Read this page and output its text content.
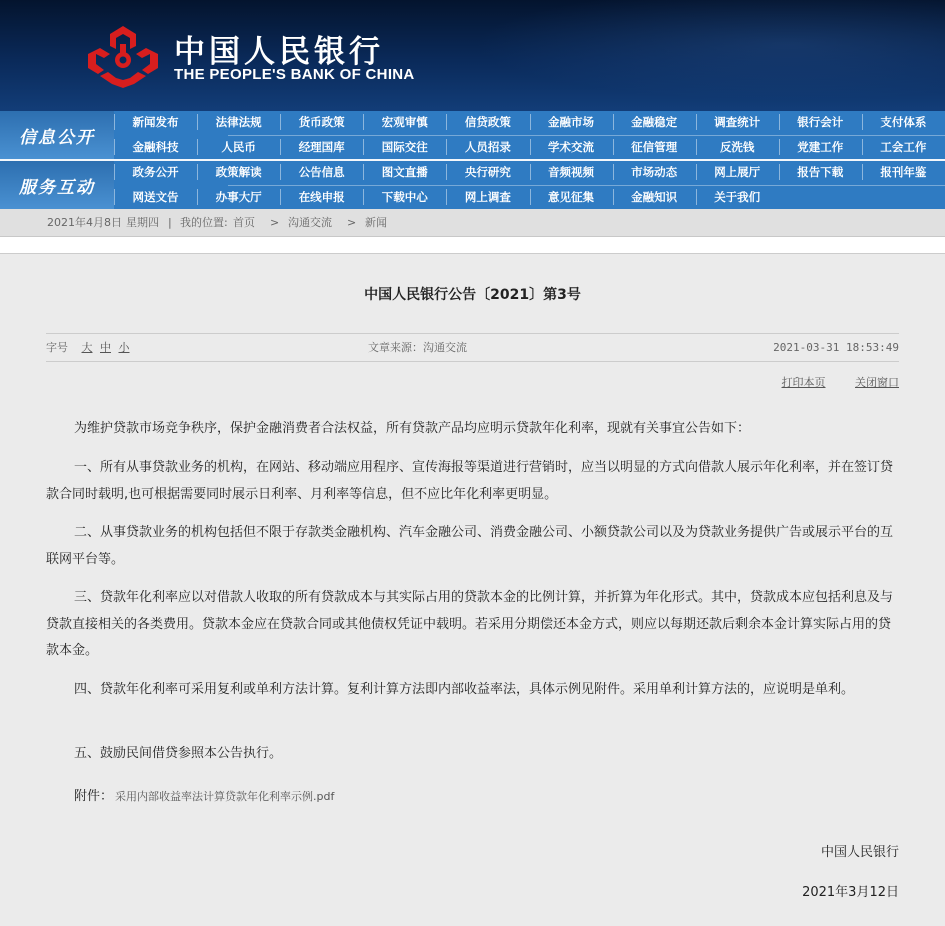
中国人民银行
THE PEOPLE'S BANK OF CHINA
信息公开
新闻发布	法律法规	货币政策	宏观审慎	信贷政策	金融市场	金融稳定	调查统计	银行会计	支付体系
金融科技	人民币	经理国库	国际交往	人员招录	学术交流	征信管理	反洗钱	党建工作	工会工作
服务互动
政务公开	政策解读	公告信息	图文直播	央行研究	音频视频	市场动态	网上展厅	报告下载	报刊年鉴
网送文告	办事大厅	在线申报	下载中心	网上调查	意见征集	金融知识	关于我们
2021年4月8日 星期四 | 我的位置: 首页 > 沟通交流 > 新闻
中国人民银行公告〔2021〕第3号
字号 大 中 小	文章来源：沟通交流	2021-03-31 18:53:49
打印本页	关闭窗口
为维护贷款市场竞争秩序，保护金融消费者合法权益，所有贷款产品均应明示贷款年化利率，现就有关事宜公告如下：
一、所有从事贷款业务的机构，在网站、移动端应用程序、宣传海报等渠道进行营销时，应当以明显的方式向借款人展示年化利率，并在签订贷款合同时载明,也可根据需要同时展示日利率、月利率等信息，但不应比年化利率更明显。
二、从事贷款业务的机构包括但不限于存款类金融机构、汽车金融公司、消费金融公司、小额贷款公司以及为贷款业务提供广告或展示平台的互联网平台等。
三、贷款年化利率应以对借款人收取的所有贷款成本与其实际占用的贷款本金的比例计算，并折算为年化形式。其中，贷款成本应包括利息及与贷款直接相关的各类费用。贷款本金应在贷款合同或其他债权凭证中载明。若采用分期偿还本金方式，则应以每期还款后剩余本金计算实际占用的贷款本金。
四、贷款年化利率可采用复利或单利方法计算。复利计算方法即内部收益率法，具体示例见附件。采用单利计算方法的，应说明是单利。
五、鼓励民间借贷参照本公告执行。
附件： 采用内部收益率法计算贷款年化利率示例.pdf
中国人民银行
2021年3月12日
